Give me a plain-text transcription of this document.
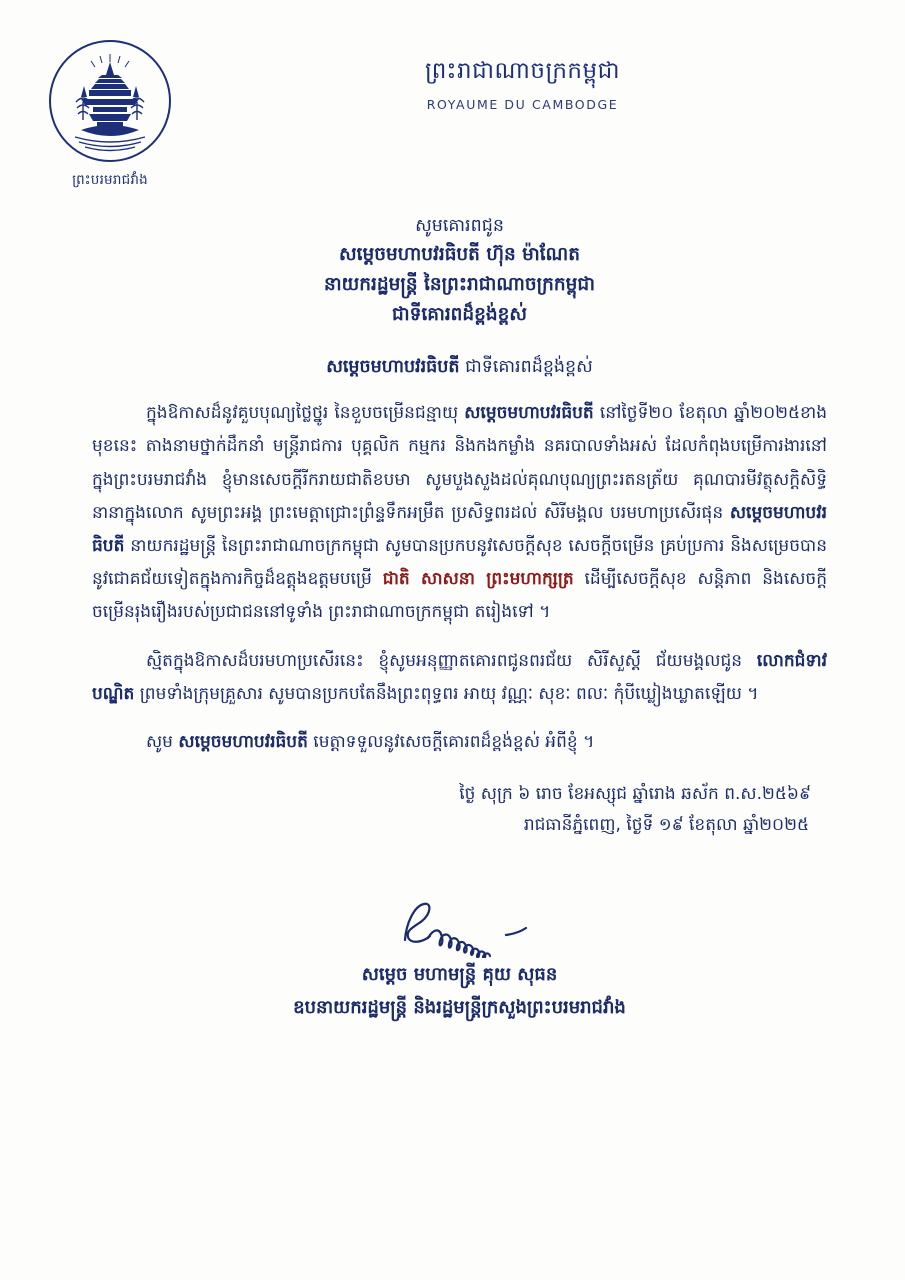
ព្រះបរមរាជវាំង
ព្រះរាជាណាចក្រកម្ពុជា
ROYAUME DU CAMBODGE
សូមគោរពជូន
សម្តេចមហាបវរធិបតី ហ៊ុន ម៉ាណែត
នាយករដ្ឋមន្ត្រី នៃព្រះរាជាណាចក្រកម្ពុជា
ជាទីគោរពដ៏ខ្ពង់ខ្ពស់
សម្តេចមហាបវរធិបតី ជាទីគោរពដ៏ខ្ពង់ខ្ពស់
ក្នុងឱកាសដ៏នូវគួបបុណ្យថ្លៃថ្នូរ នៃខួបចម្រើនជន្មាយុ សម្តេចមហាបវរធិបតី នៅថ្ងៃទី២០ ខែតុលា ឆ្នាំ២០២៥ខាងមុខនេះ តាងនាមថ្នាក់ដឹកនាំ មន្ត្រីរាជការ បុគ្គលិក កម្មករ និងកងកម្លាំង នគរបាលទាំងអស់ ដែលកំពុងបម្រើការងារនៅក្នុងព្រះបរមរាជវាំង ខ្ញុំមានសេចក្តីរីករាយជាតិខបមា សូមបួងសួងដល់គុណបុណ្យព្រះរតនត្រ័យ គុណបារមីវត្ថុសក្តិសិទ្ធិនានាក្នុងលោក សូមព្រះអង្គ ព្រះមេត្តាជ្រោះព្រំន្ទទឹកអម្រឹត ប្រសិទ្ធពរដល់ សិរីមង្គល បរមហាប្រសើរផុន សម្តេចមហាបវរធិបតី នាយករដ្ឋមន្ត្រី នៃព្រះរាជាណាចក្រកម្ពុជា សូមបានប្រកបនូវសេចក្តីសុខ សេចក្តីចម្រើន គ្រប់ប្រការ និងសម្រេចបាននូវជោគជ័យទៀតក្នុងការកិច្ចដ៏ឧត្តុងឧត្តមបម្រើ ជាតិ សាសនា ព្រះមហាក្សត្រ ដើម្បីសេចក្តីសុខ សន្តិភាព និងសេចក្តីចម្រើនរុងរឿងរបស់ប្រជាជននៅទូទាំង ព្រះរាជាណាចក្រកម្ពុជា តរៀងទៅ ។
ស្មិតក្នុងឱកាសដ៏បរមហាប្រសើរនេះ ខ្ញុំសូមអនុញ្ញាតគោរពជូនពរជ័យ សិរីសួស្តី ជ័យមង្គលជូន លោកជំទាវបណ្ឌិត ព្រមទាំងក្រុមគ្រួសារ សូមបានប្រកបតែនឹងព្រះពុទ្ធពរ អាយុ វណ្ណៈ សុខៈ ពលៈ កុំបីឃ្លៀងឃ្លាតឡើយ ។
សូម សម្តេចមហាបវរធិបតី មេត្តាទទួលនូវសេចក្តីគោរពដ៏ខ្ពង់ខ្ពស់ អំពីខ្ញុំ ។
ថ្ងៃ សុក្រ ៦ រោច ខែអស្សុជ ឆ្នាំរោង ឆស័ក ព.ស.២៥៦៩
រាជធានីភ្នំពេញ, ថ្ងៃទី ១៩ ខែតុលា ឆ្នាំ២០២៥
សម្តេច មហាមន្ត្រី គុយ សុធន
ឧបនាយករដ្ឋមន្ត្រី និងរដ្ឋមន្ត្រីក្រសួងព្រះបរមរាជវាំង
